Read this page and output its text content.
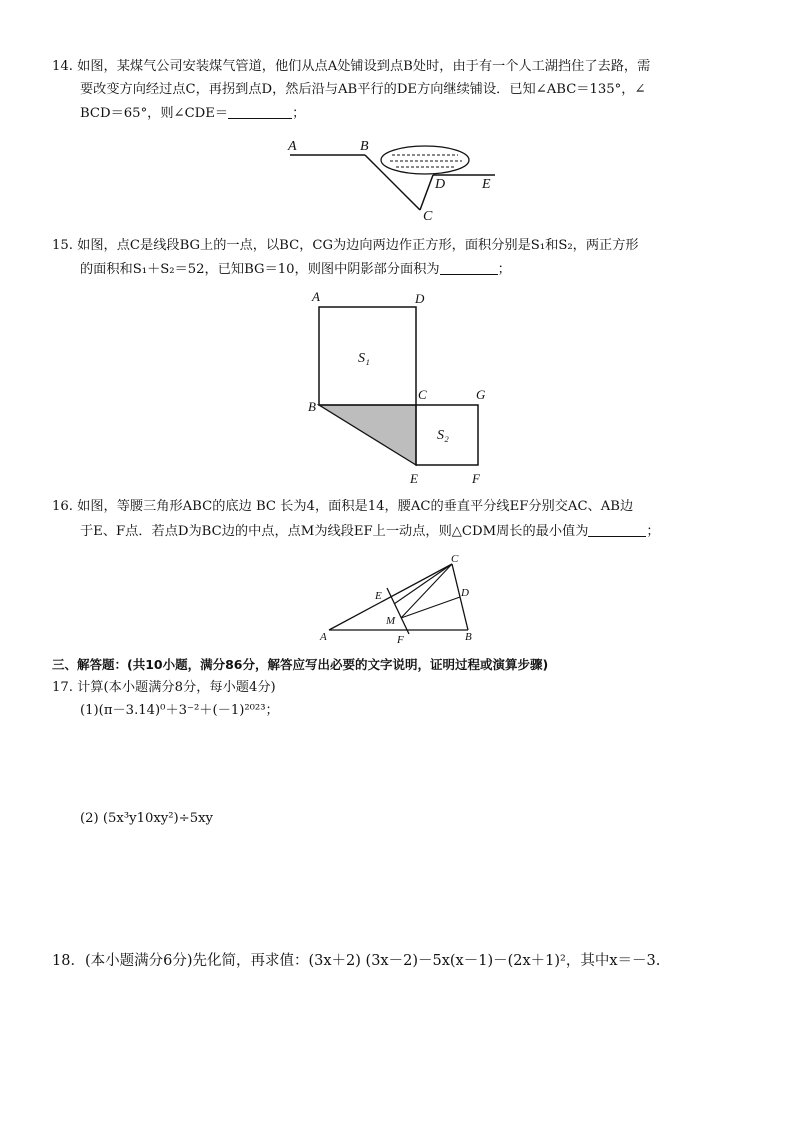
14. 如图，某煤气公司安装煤气管道，他们从点A处铺设到点B处时，由于有一个人工湖挡住了去路，需
要改变方向经过点C，再拐到点D，然后沿与AB平行的DE方向继续铺设．已知∠ABC＝135°，∠
BCD＝65°，则∠CDE＝	；
A	B
D	E
C
15. 如图，点C是线段BG上的一点，以BC，CG为边向两边作正方形，面积分别是S₁和S₂，两正方形
的面积和S₁＋S₂＝52，已知BG＝10，则图中阴影部分面积为	；
A	D
S₁
B
C	G
S₂
E	F
16. 如图，等腰三角形ABC的底边 BC 长为4，面积是14，腰AC的垂直平分线EF分别交AC、AB边
于E、F点．若点D为BC边的中点，点M为线段EF上一动点，则△CDM周长的最小值为	；
C
E	D
M
A	F	B
三、解答题：(共10小题，满分86分，解答应写出必要的文字说明，证明过程或演算步骤)
17. 计算(本小题满分8分，每小题4分)
(1)(π－3.14)⁰＋3⁻²＋(－1)²⁰²³；
(2) (5x³y10xy²)÷5xy
18．(本小题满分6分)先化简，再求值：(3x＋2) (3x－2)－5x(x－1)－(2x＋1)²，其中x＝－3.
